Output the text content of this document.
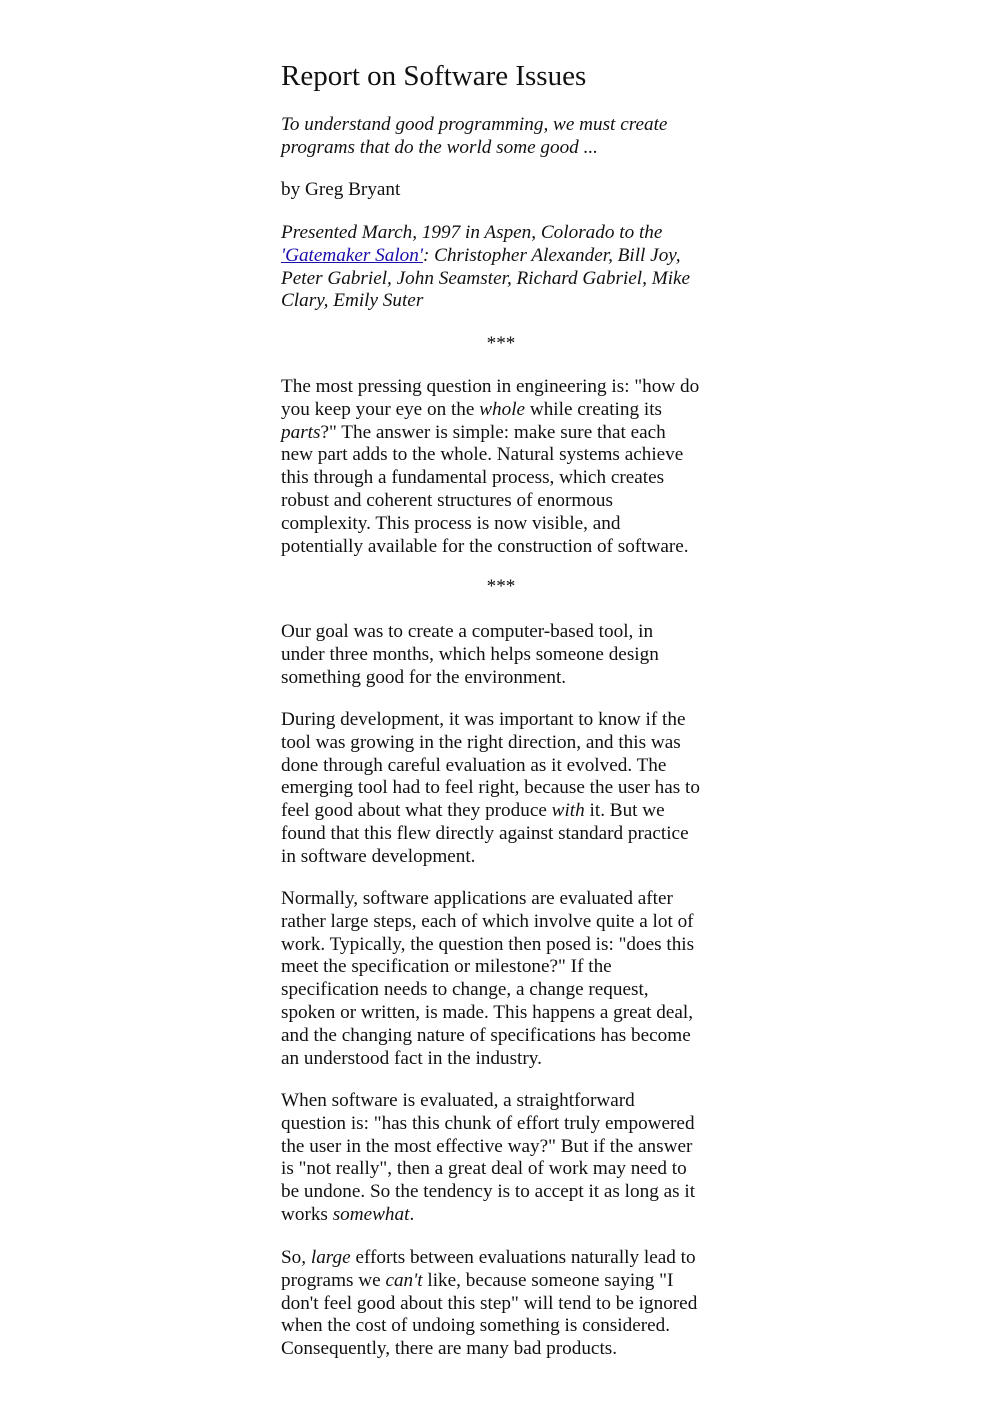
Report on Software Issues

To understand good programming, we must create
programs that do the world some good ...

by Greg Bryant

Presented March, 1997 in Aspen, Colorado to the
'Gatemaker Salon': Christopher Alexander, Bill Joy,
Peter Gabriel, John Seamster, Richard Gabriel, Mike
Clary, Emily Suter

***

The most pressing question in engineering is: "how do
you keep your eye on the whole while creating its
parts?" The answer is simple: make sure that each
new part adds to the whole. Natural systems achieve
this through a fundamental process, which creates
robust and coherent structures of enormous
complexity. This process is now visible, and
potentially available for the construction of software.

***

Our goal was to create a computer-based tool, in
under three months, which helps someone design
something good for the environment.

During development, it was important to know if the
tool was growing in the right direction, and this was
done through careful evaluation as it evolved. The
emerging tool had to feel right, because the user has to
feel good about what they produce with it. But we
found that this flew directly against standard practice
in software development.

Normally, software applications are evaluated after
rather large steps, each of which involve quite a lot of
work. Typically, the question then posed is: "does this
meet the specification or milestone?" If the
specification needs to change, a change request,
spoken or written, is made. This happens a great deal,
and the changing nature of specifications has become
an understood fact in the industry.

When software is evaluated, a straightforward
question is: "has this chunk of effort truly empowered
the user in the most effective way?" But if the answer
is "not really", then a great deal of work may need to
be undone. So the tendency is to accept it as long as it
works somewhat.

So, large efforts between evaluations naturally lead to
programs we can't like, because someone saying "I
don't feel good about this step" will tend to be ignored
when the cost of undoing something is considered.
Consequently, there are many bad products.
